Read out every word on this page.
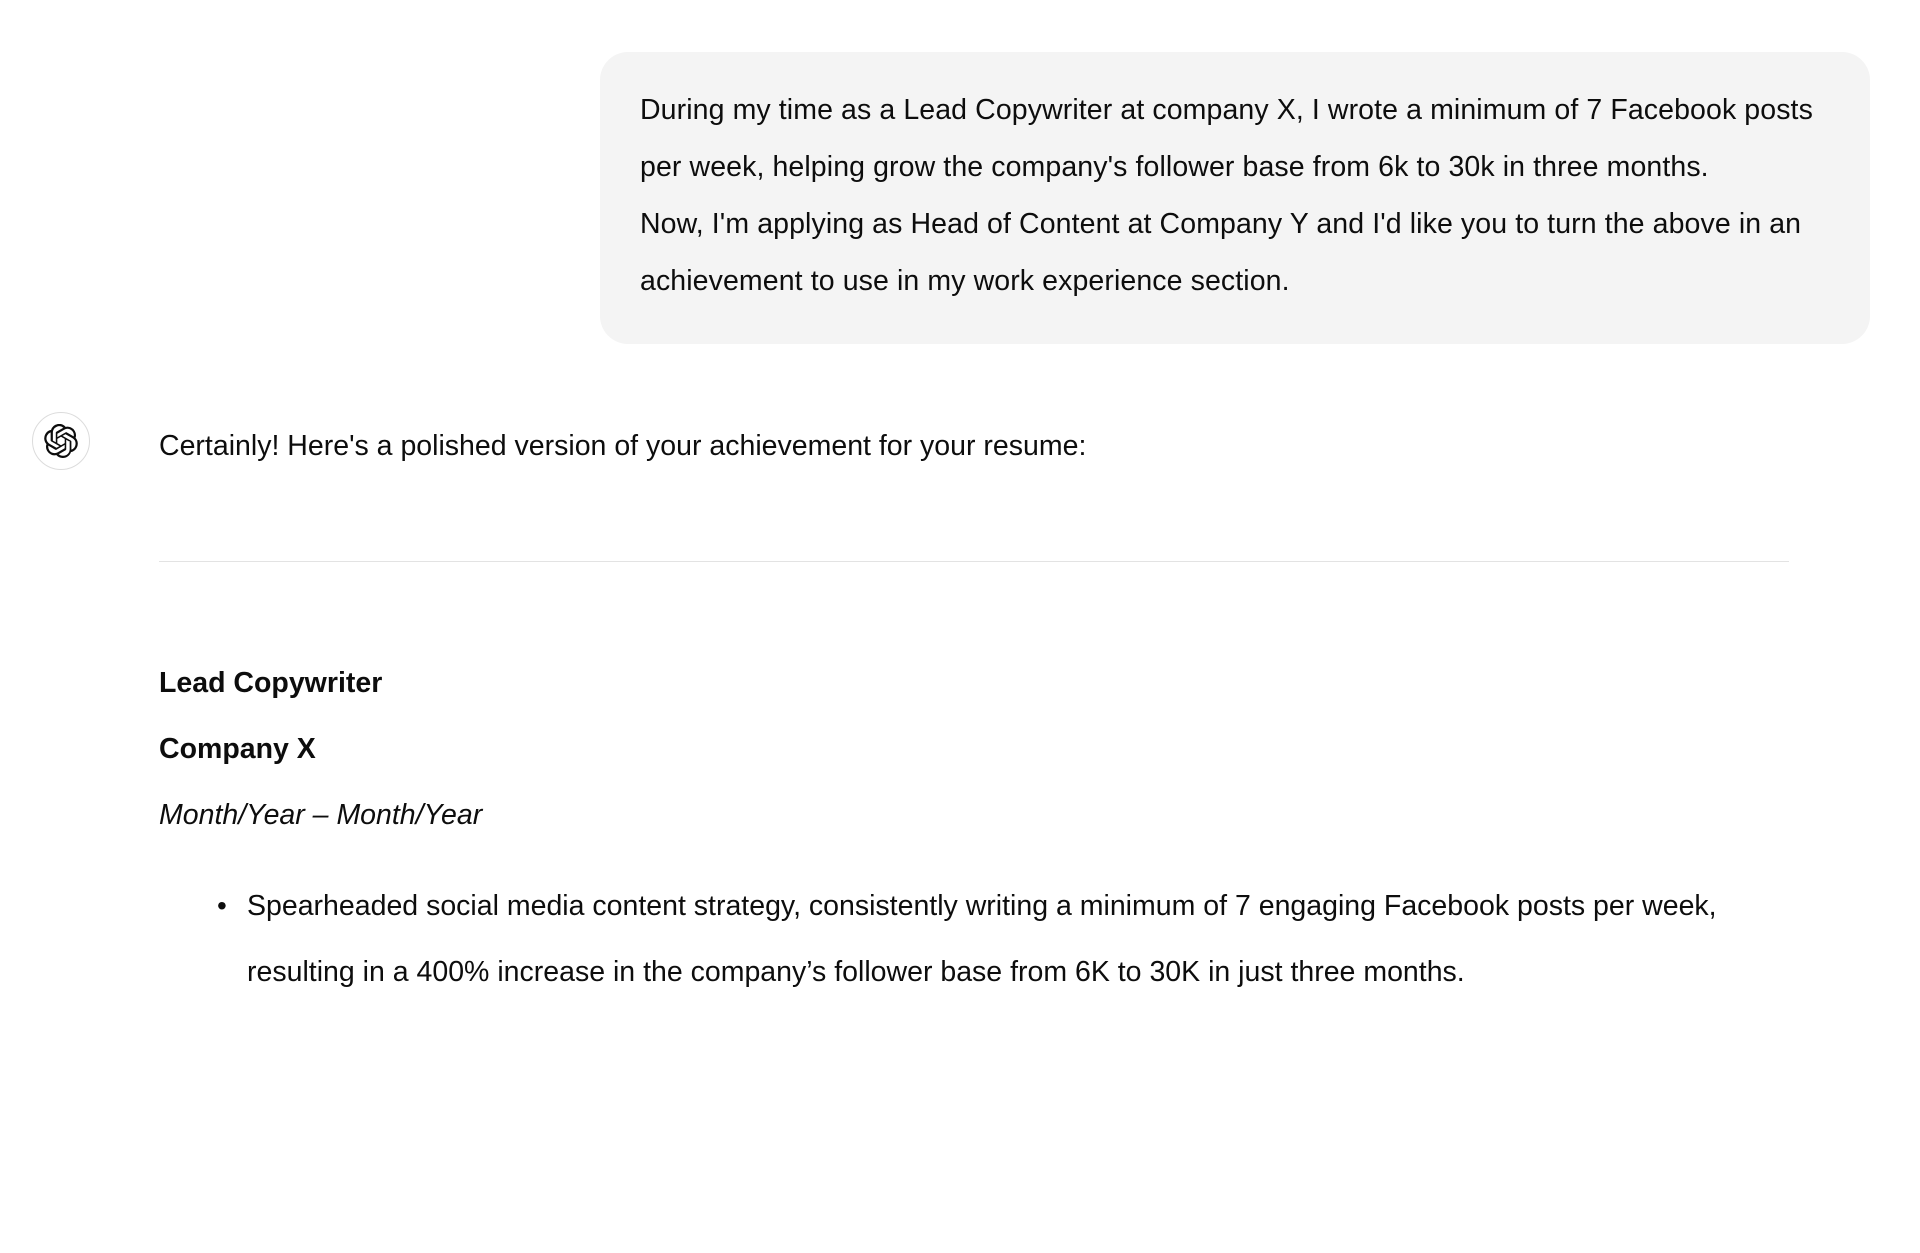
During my time as a Lead Copywriter at company X, I wrote a minimum of 7 Facebook posts per week, helping grow the company's follower base from 6k to 30k in three months.

Now, I'm applying as Head of Content at Company Y and I'd like you to turn the above in an achievement to use in my work experience section.

Certainly! Here's a polished version of your achievement for your resume:
Lead Copywriter
Company X
Month/Year – Month/Year
• Spearheaded social media content strategy, consistently writing a minimum of 7 engaging Facebook posts per week, resulting in a 400% increase in the company’s follower base from 6K to 30K in just three months.
